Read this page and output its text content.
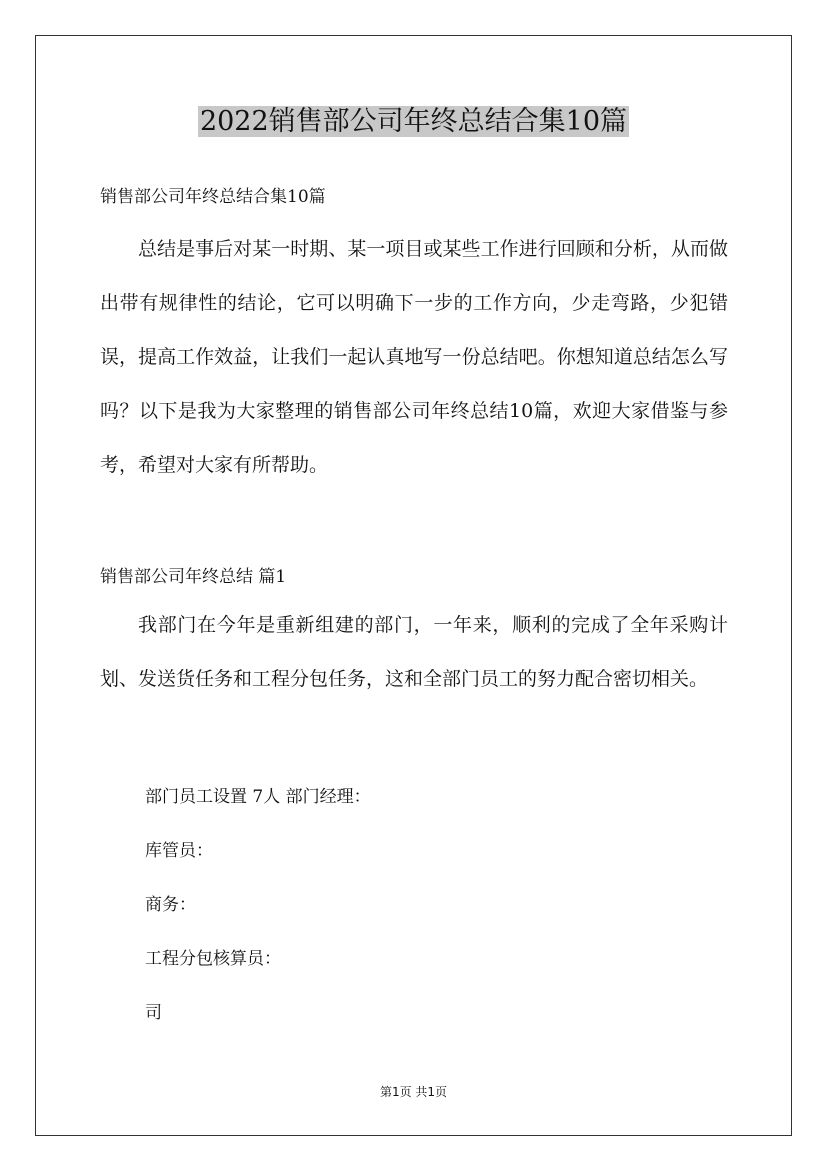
2022销售部公司年终总结合集10篇

销售部公司年终总结合集10篇

总结是事后对某一时期、某一项目或某些工作进行回顾和分析，从而做出带有规律性的结论，它可以明确下一步的工作方向，少走弯路，少犯错误，提高工作效益，让我们一起认真地写一份总结吧。你想知道总结怎么写吗？以下是我为大家整理的销售部公司年终总结10篇，欢迎大家借鉴与参考，希望对大家有所帮助。

销售部公司年终总结 篇1

我部门在今年是重新组建的部门，一年来，顺利的完成了全年采购计划、发送货任务和工程分包任务，这和全部门员工的努力配合密切相关。

部门员工设置 7人 部门经理：

库管员：

商务：

工程分包核算员：

司

第1页 共1页
